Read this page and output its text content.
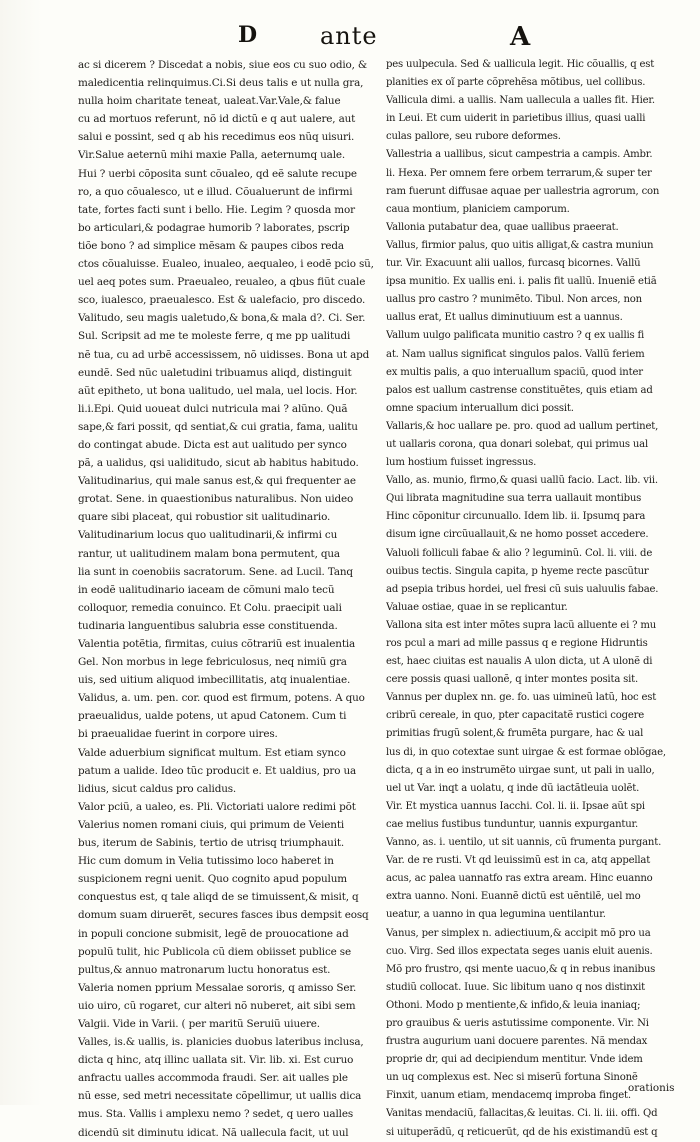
D	ante	A
ac si dicerem ? Discedat a nobis, siue eos cu suo odio, &
maledicentia relinquimus.Ci.Si deus talis e ut nulla gra,
nulla hoim charitate teneat, ualeat.Var.Vale,& falue
cu ad mortuos referunt, nõ id dictũ e q aut ualere, aut
salui e possint, sed q ab his recedimus eos nũq uisuri.
Vir.Salue aeternũ mihi maxie Palla, aeternumq uale.
Hui ? uerbi cõposita sunt cõualeo, qd eẽ salute recupe
ro, a quo cõualesco, ut e illud. Cõualuerunt de infirmi
tate, fortes facti sunt i bello. Hie. Legim ? quosda mor
bo articulari,& podagrae humorib ? laborates, pscrip
tiõe bono ? ad simplice mẽsam & paupes cibos reda
ctos cõualuisse. Eualeo, inualeo, aequaleo, i eodẽ pcio sũ,
uel aeq potes sum. Praeualeo, reualeo, a qbus fiũt cuale
sco, iualesco, praeualesco. Est & ualefacio, pro discedo.
Valitudo, seu magis ualetudo,& bona,& mala d?. Ci. Ser.
Sul. Scripsit ad me te moleste ferre, q me pp ualitudi
nẽ tua, cu ad urbẽ accessissem, nõ uidisses. Bona ut apd
eundẽ. Sed nũc ualetudini tribuamus aliqd, distinguit
aũt epitheto, ut bona ualitudo, uel mala, uel locis. Hor.
li.i.Epi. Quid uoueat dulci nutricula mai ? alũno. Quã
sape,& fari possit, qd sentiat,& cui gratia, fama, ualitu
do contingat abude. Dicta est aut ualitudo per synco
pã, a ualidus, qsi ualiditudo, sicut ab habitus habitudo.
Valitudinarius, qui male sanus est,& qui frequenter ae
grotat. Sene. in quaestionibus naturalibus. Non uideo
quare sibi placeat, qui robustior sit ualitudinario.
Valitudinarium locus quo ualitudinarii,& infirmi cu
rantur, ut ualitudinem malam bona permutent, qua
lia sunt in coenobiis sacratorum. Sene. ad Lucil. Tanq
in eodẽ ualitudinario iaceam de cõmuni malo tecũ
colloquor, remedia conuinco. Et Colu. praecipit uali
tudinaria languentibus salubria esse constituenda.
Valentia potẽtia, firmitas, cuius cõtrariũ est inualentia
Gel. Non morbus in lege febriculosus, neq nimiũ gra
uis, sed uitium aliquod imbecillitatis, atq inualentiae.
Validus, a. um. pen. cor. quod est firmum, potens. A quo
praeualidus, ualde potens, ut apud Catonem. Cum ti
bi praeualidae fuerint in corpore uires.
Valde aduerbium significat multum. Est etiam synco
patum a ualide. Ideo tũc producit e. Et ualdius, pro ua
lidius, sicut caldus pro calidus.
Valor pciũ, a ualeo, es. Pli. Victoriati ualore redimi põt
Valerius nomen romani ciuis, qui primum de Veienti
bus, iterum de Sabinis, tertio de utrisq triumphauit.
Hic cum domum in Velia tutissimo loco haberet in
suspicionem regni uenit. Quo cognito apud populum
conquestus est, q tale aliqd de se timuissent,& misit, q
domum suam diruerẽt, secures fasces ibus dempsit eosq
in populi concione submisit, legẽ de prouocatione ad
populũ tulit, hic Publicola cũ diem obiisset publice se
pultus,& annuo matronarum luctu honoratus est.
Valeria nomen pprium Messalae sororis, q amisso Ser.
uio uiro, cũ rogaret, cur alteri nõ nuberet, ait sibi sem
Valgii. Vide in Varii. ( per maritũ Seruiũ uiuere.
Valles, is.& uallis, is. planicies duobus lateribus inclusa,
dicta q hinc, atq illinc uallata sit. Vir. lib. xi. Est curuo
anfractu ualles accommoda fraudi. Ser. ait ualles ple
nũ esse, sed metri necessitate cõpellimur, ut uallis dica
mus. Sta. Vallis i amplexu nemo ? sedet, q uero ualles
dicendũ sit diminutu idicat. Nã uallecula facit, ut uul
pes uulpecula. Sed & uallicula legit. Hic cõuallis, q est
planities ex oĩ parte cõprehẽsa mõtibus, uel collibus.
Vallicula dimi. a uallis. Nam uallecula a ualles fit. Hier.
in Leui. Et cum uiderit in parietibus illius, quasi ualli
culas pallore, seu rubore deformes.
Vallestria a uallibus, sicut campestria a campis. Ambr.
li. Hexa. Per omnem fere orbem terrarum,& super ter
ram fuerunt diffusae aquae per uallestria agrorum, con
caua montium, planiciem camporum.
Vallonia putabatur dea, quae uallibus praeerat.
Vallus, firmior palus, quo uitis alligat,& castra muniun
tur. Vir. Exacuunt alii uallos, furcasq bicornes. Vallũ
ipsa munitio. Ex uallis eni. i. palis fit uallũ. Inueniẽ etiã
uallus pro castro ? munimẽto. Tibul. Non arces, non
uallus erat, Et uallus diminutiuum est a uannus.
Vallum uulgo palificata munitio castro ? q ex uallis fi
at. Nam uallus significat singulos palos. Vallũ feriem
ex multis palis, a quo interuallum spaciũ, quod inter
palos est uallum castrense constituẽtes, quis etiam ad
omne spacium interuallum dici possit.
Vallaris,& hoc uallare pe. pro. quod ad uallum pertinet,
ut uallaris corona, qua donari solebat, qui primus ual
lum hostium fuisset ingressus.
Vallo, as. munio, firmo,& quasi uallũ facio. Lact. lib. vii.
Qui librata magnitudine sua terra uallauit montibus
Hinc cõponitur circunuallo. Idem lib. ii. Ipsumq para
disum igne circũuallauit,& ne homo posset accedere.
Valuoli folliculi fabae & alio ? leguminũ. Col. li. viii. de
ouibus tectis. Singula capita, p hyeme recte pascũtur
ad psepia tribus hordei, uel fresi cũ suis ualuulis fabae.
Valuae ostiae, quae in se replicantur.
Vallona sita est inter mõtes supra lacũ alluente ei ? mu
ros pcul a mari ad mille passus q e regione Hidruntis
est, haec ciuitas est naualis A ulon dicta, ut A ulonẽ di
cere possis quasi uallonẽ, q inter montes posita sit.
Vannus per duplex nn. ge. fo. uas uimineũ latũ, hoc est
cribrũ cereale, in quo, pter capacitatẽ rustici cogere
primitias frugũ solent,& frumẽta purgare, hac & ual
lus di, in quo cotextae sunt uirgae & est formae oblõgae,
dicta, q a in eo instrumẽto uirgae sunt, ut pali in uallo,
uel ut Var. inqt a uolatu, q inde dũ iactãtleuia uolẽt.
Vir. Et mystica uannus Iacchi. Col. li. ii. Ipsae aũt spi
cae melius fustibus tunduntur, uannis expurgantur.
Vanno, as. i. uentilo, ut sit uannis, cũ frumenta purgant.
Var. de re rusti. Vt qd leuissimũ est in ca, atq appellat
acus, ac palea uannatfo ras extra aream. Hinc euanno
extra uanno. Noni. Euannẽ dictũ est uẽntilẽ, uel mo
ueatur, a uanno in qua legumina uentilantur.
Vanus, per simplex n. adiectiuum,& accipit mõ pro ua
cuo. Virg. Sed illos expectata seges uanis eluit auenis.
Mõ pro frustro, qsi mente uacuo,& q in rebus inanibus
studiũ collocat. Iuue. Sic libitum uano q nos distinxit
Othoni. Modo p mentiente,& infido,& leuia inaniaq;
pro grauibus & ueris astutissime componente. Vir. Ni
frustra augurium uani docuere parentes. Nã mendax
proprie dr, qui ad decipiendum mentitur. Vnde idem
un uq complexus est. Nec si miserũ fortuna Sinonẽ
Finxit, uanum etiam, mendacemq improba finget.
Vanitas mendaciũ, fallacitas,& leuitas. Ci. li. iii. offi. Qd
si uituperãdũ, q reticuerũt, qd de his existimandũ est q
orationis
